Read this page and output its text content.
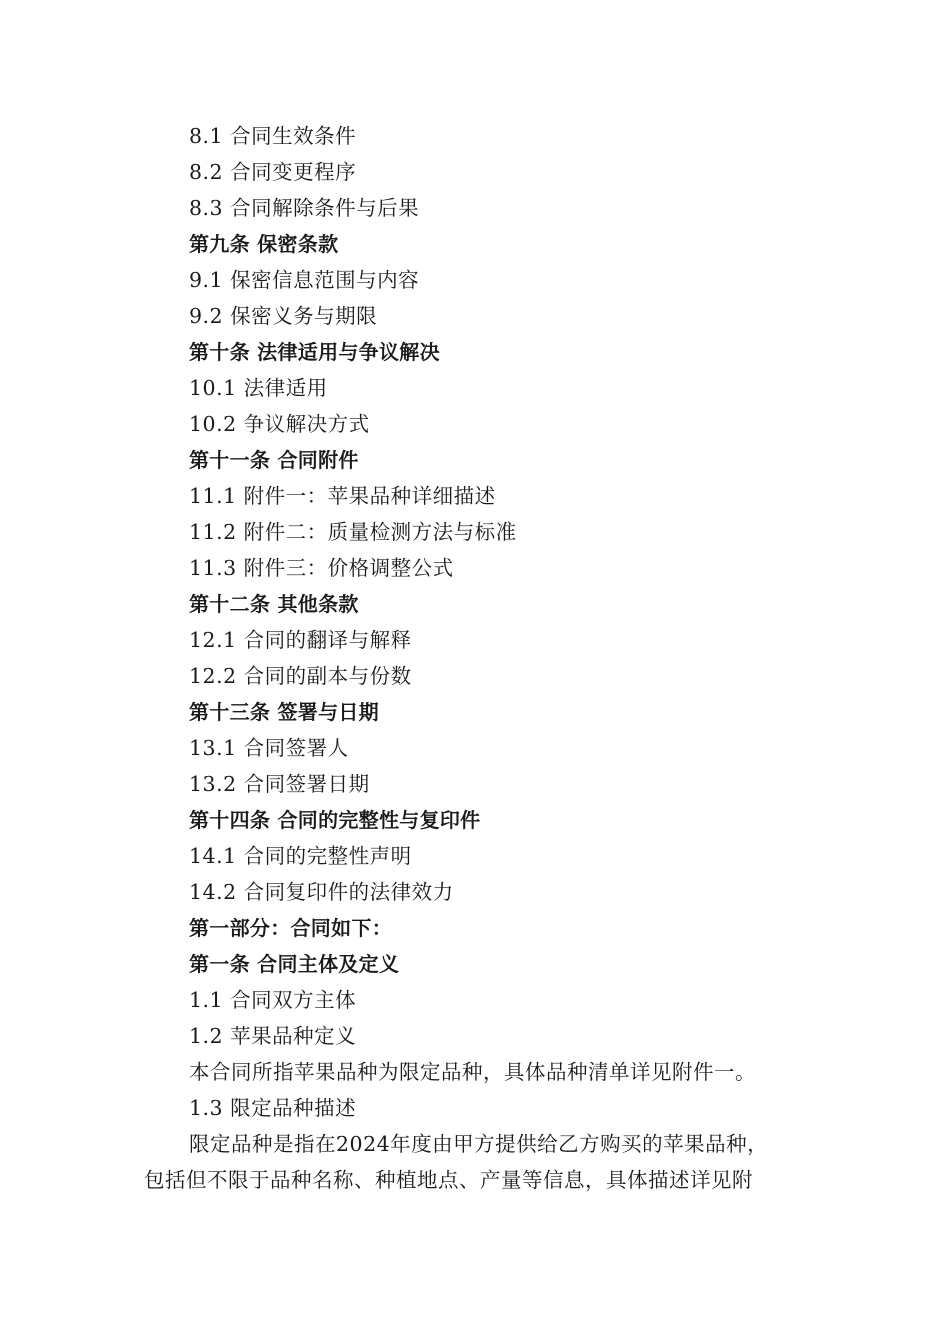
8.1 合同生效条件
8.2 合同变更程序
8.3 合同解除条件与后果
第九条 保密条款
9.1 保密信息范围与内容
9.2 保密义务与期限
第十条 法律适用与争议解决
10.1 法律适用
10.2 争议解决方式
第十一条 合同附件
11.1 附件一：苹果品种详细描述
11.2 附件二：质量检测方法与标准
11.3 附件三：价格调整公式
第十二条 其他条款
12.1 合同的翻译与解释
12.2 合同的副本与份数
第十三条 签署与日期
13.1 合同签署人
13.2 合同签署日期
第十四条 合同的完整性与复印件
14.1 合同的完整性声明
14.2 合同复印件的法律效力
第一部分：合同如下：
第一条 合同主体及定义
1.1 合同双方主体
1.2 苹果品种定义
本合同所指苹果品种为限定品种，具体品种清单详见附件一。
1.3 限定品种描述
限定品种是指在2024年度由甲方提供给乙方购买的苹果品种，
包括但不限于品种名称、种植地点、产量等信息，具体描述详见附
